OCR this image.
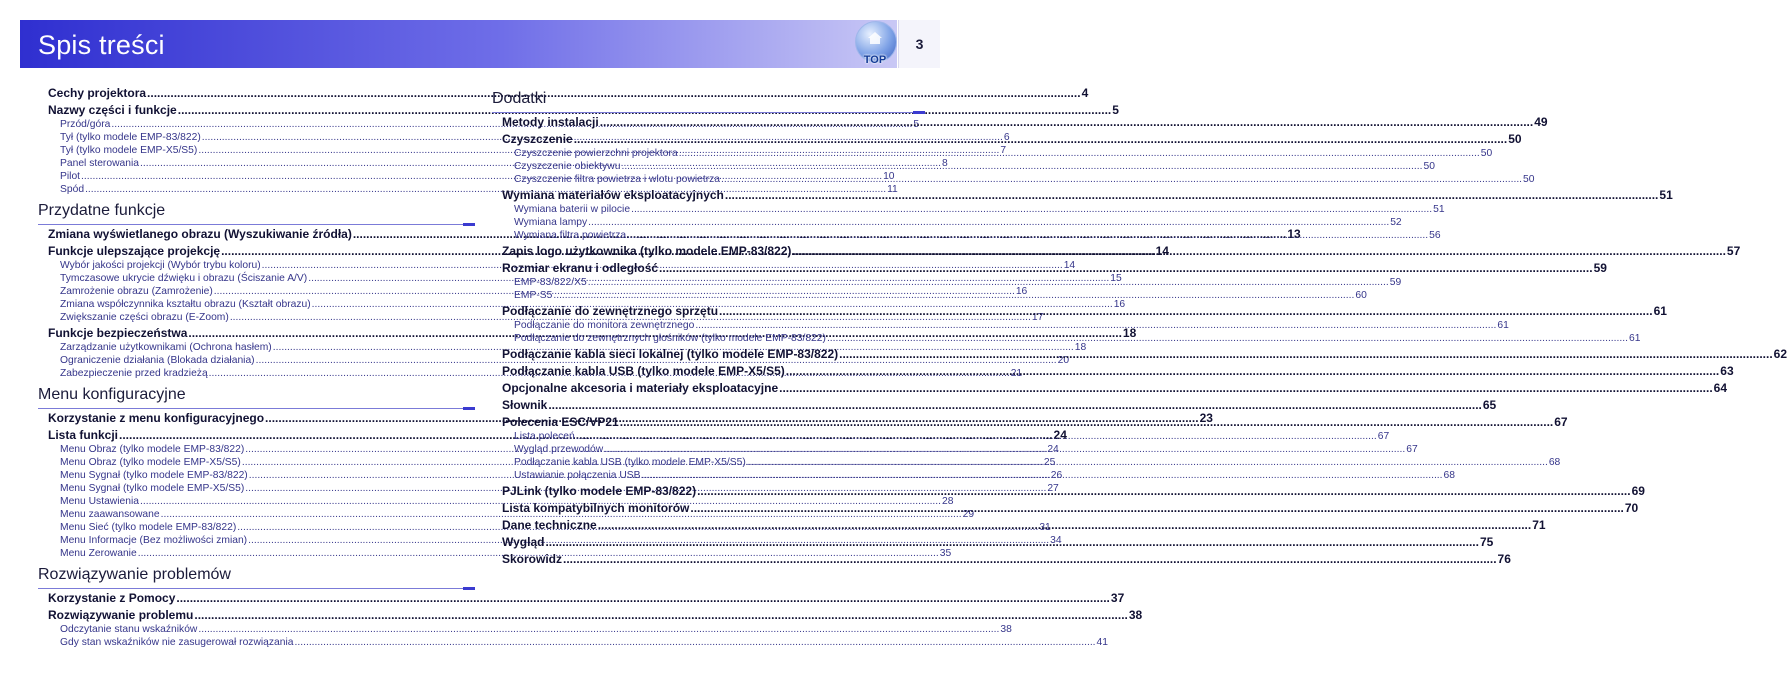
Spis treści	TOP
3
Cechy projektora .....	4
Nazwy części i funkcje .....	5
Przód/góra .....	5
Tył (tylko modele EMP-83/822) .....	6
Tył (tylko modele EMP-X5/S5) .....	7
Panel sterowania .....	8
Pilot .....	10
Spód .....	11
Przydatne funkcje
Zmiana wyświetlanego obrazu (Wyszukiwanie źródła) .....	13
Funkcje ulepszające projekcję .....	14
Wybór jakości projekcji (Wybór trybu koloru) .....	14
Tymczasowe ukrycie dźwięku i obrazu (Ściszanie A/V) .....	15
Zamrożenie obrazu (Zamrożenie) .....	16
Zmiana współczynnika kształtu obrazu (Kształt obrazu) .....	16
Zwiększanie części obrazu (E-Zoom) .....	17
Funkcje bezpieczeństwa .....	18
Zarządzanie użytkownikami (Ochrona hasłem) .....	18
Ograniczenie działania (Blokada działania) .....	20
Zabezpieczenie przed kradzieżą .....	21
Menu konfiguracyjne
Korzystanie z menu konfiguracyjnego .....	23
Lista funkcji .....	24
Menu Obraz (tylko modele EMP-83/822) .....	24
Menu Obraz (tylko modele EMP-X5/S5) .....	25
Menu Sygnał (tylko modele EMP-83/822) .....	26
Menu Sygnał (tylko modele EMP-X5/S5) .....	27
Menu Ustawienia .....	28
Menu zaawansowane .....	29
Menu Sieć (tylko modele EMP-83/822) .....	31
Menu Informacje (Bez możliwości zmian) .....	34
Menu Zerowanie .....	35
Rozwiązywanie problemów
Korzystanie z Pomocy .....	37
Rozwiązywanie problemu .....	38
Odczytanie stanu wskaźników .....	38
Gdy stan wskaźników nie zasugerował rozwiązania .....	41
Dodatki
Metody instalacji .....	49
Czyszczenie .....	50
Czyszczenie powierzchni projektora .....	50
Czyszczenie obiektywu .....	50
Czyszczenie filtra powietrza i wlotu powietrza .....	50
Wymiana materiałów eksploatacyjnych .....	51
Wymiana baterii w pilocie .....	51
Wymiana lampy .....	52
Wymiana filtra powietrza .....	56
Zapis logo użytkownika (tylko modele EMP-83/822) .....	57
Rozmiar ekranu i odległość .....	59
EMP-83/822/X5 .....	59
EMP-S5 .....	60
Podłączanie do zewnętrznego sprzętu .....	61
Podłączanie do monitora zewnętrznego .....	61
Podłączanie do zewnętrznych głośników (tylko modele EMP-83/822) .....	61
Podłączanie kabla sieci lokalnej (tylko modele EMP-83/822) .....	62
Podłączanie kabla USB (tylko modele EMP-X5/S5) .....	63
Opcjonalne akcesoria i materiały eksploatacyjne .....	64
Słownik .....	65
Polecenia ESC/VP21 .....	67
Lista poleceń .....	67
Wygląd przewodów .....	67
Podłączanie kabla USB (tylko modele EMP-X5/S5) .....	68
Ustawianie połączenia USB .....	68
PJLink (tylko modele EMP-83/822) .....	69
Lista kompatybilnych monitorów .....	70
Dane techniczne .....	71
Wygląd .....	75
Skorowidz .....	76
